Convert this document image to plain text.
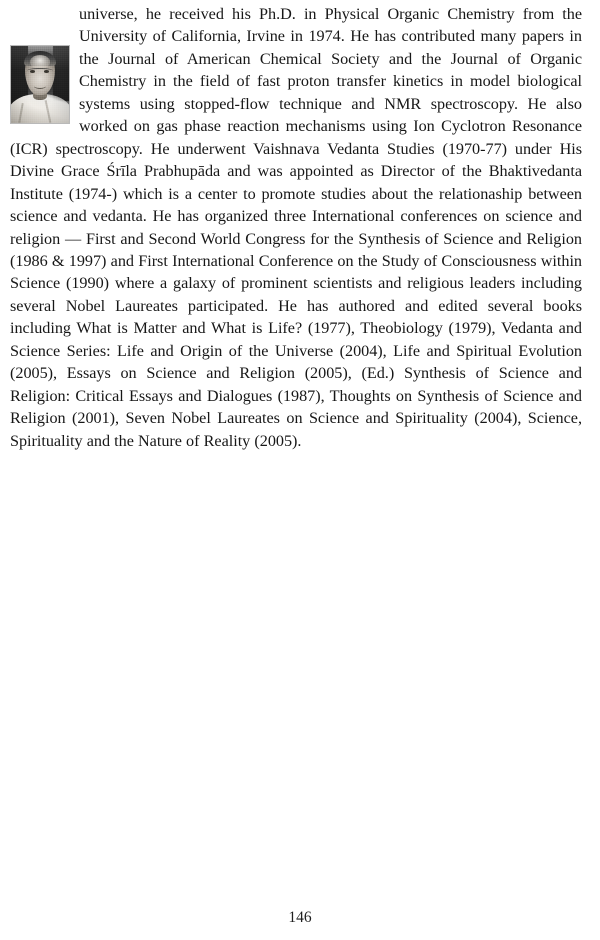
universe, he received his Ph.D. in Physical Organic Chemistry from the University of California, Irvine in 1974. He has contributed many papers in the Journal of American Chemical Society and the Journal of Organic Chemistry in the field of fast proton transfer kinetics in model biological systems using stopped-flow technique and NMR spectroscopy. He also worked on gas phase reaction mechanisms using Ion Cyclotron Resonance (ICR) spectroscopy. He underwent Vaishnava Vedanta Studies (1970-77) under His Divine Grace Śrīla Prabhupāda and was appointed as Director of the Bhaktivedanta Institute (1974-) which is a center to promote studies about the relationaship between science and vedanta. He has organized three International conferences on science and religion — First and Second World Congress for the Synthesis of Science and Religion (1986 & 1997) and First International Conference on the Study of Consciousness within Science (1990) where a galaxy of prominent scientists and religious leaders including several Nobel Laureates participated. He has authored and edited several books including What is Matter and What is Life? (1977), Theobiology (1979), Vedanta and Science Series: Life and Origin of the Universe (2004), Life and Spiritual Evolution (2005), Essays on Science and Religion (2005), (Ed.) Synthesis of Science and Religion: Critical Essays and Dialogues (1987), Thoughts on Synthesis of Science and Religion (2001), Seven Nobel Laureates on Science and Spirituality (2004), Science, Spirituality and the Nature of Reality (2005).

146
